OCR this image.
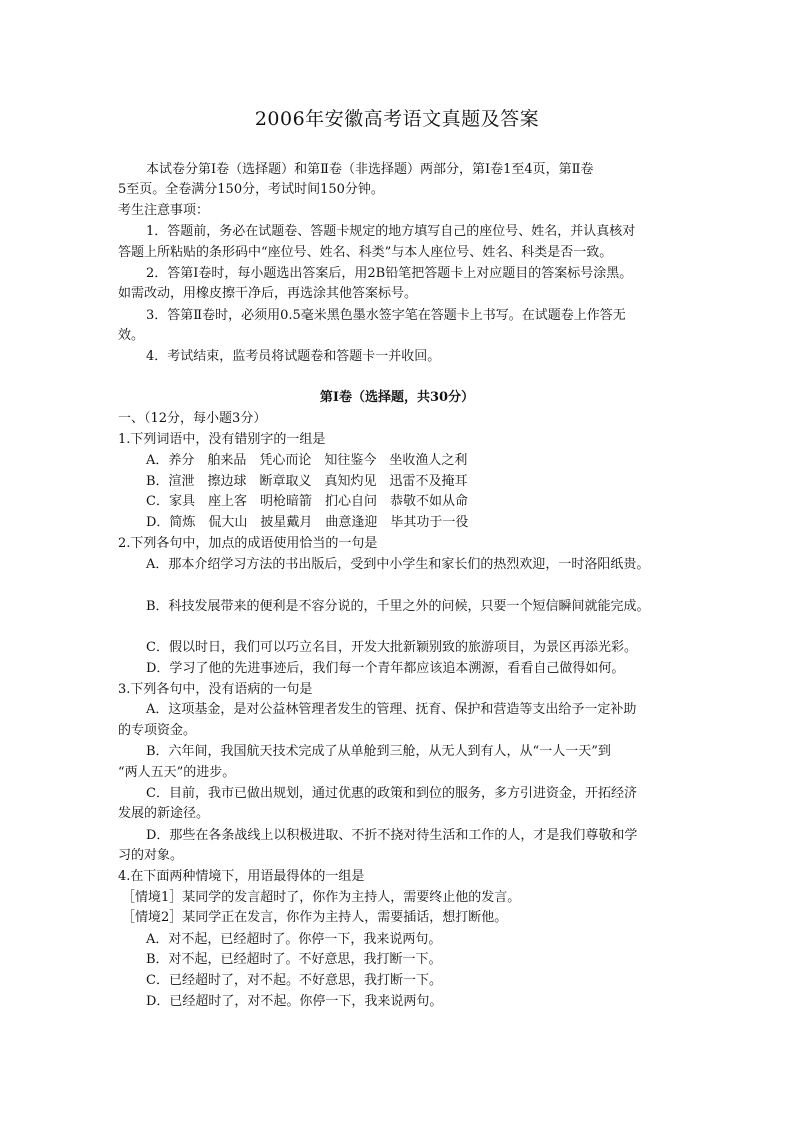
2006年安徽高考语文真题及答案
本试卷分第Ⅰ卷（选择题）和第Ⅱ卷（非选择题）两部分，第Ⅰ卷1至4页，第Ⅱ卷
5至页。全卷满分150分，考试时间150分钟。
考生注意事项：
1．答题前，务必在试题卷、答题卡规定的地方填写自己的座位号、姓名，并认真核对
答题上所粘贴的条形码中“座位号、姓名、科类”与本人座位号、姓名、科类是否一致。
2．答第Ⅰ卷时，每小题选出答案后，用2B铅笔把答题卡上对应题目的答案标号涂黑。
如需改动，用橡皮擦干净后，再选涂其他答案标号。
3．答第Ⅱ卷时，必须用0.5毫米黑色墨水签字笔在答题卡上书写。在试题卷上作答无
效。
4．考试结束，监考员将试题卷和答题卡一并收回。
第Ⅰ卷（选择题，共30分）
一、（12分，每小题3分）
1.下列词语中，没有错别字的一组是
A．养分　舶来品　凭心而论　知往鉴今　坐收渔人之利
B．渲泄　擦边球　断章取义　真知灼见　迅雷不及掩耳
C．家具　座上客　明枪暗箭　扪心自问　恭敬不如从命
D．简炼　侃大山　披星戴月　曲意逢迎　毕其功于一役
2.下列各句中，加点的成语使用恰当的一句是
A．那本介绍学习方法的书出版后，受到中小学生和家长们的热烈欢迎，一时洛阳纸贵。
B．科技发展带来的便利是不容分说的，千里之外的问候，只要一个短信瞬间就能完成。
C．假以时日，我们可以巧立名目，开发大批新颖别致的旅游项目，为景区再添光彩。
D．学习了他的先进事迹后，我们每一个青年都应该追本溯源，看看自己做得如何。
3.下列各句中，没有语病的一句是
A．这项基金，是对公益林管理者发生的管理、抚育、保护和营造等支出给予一定补助
的专项资金。
B．六年间，我国航天技术完成了从单舱到三舱，从无人到有人，从“一人一天”到
“两人五天”的进步。
C．目前，我市已做出规划，通过优惠的政策和到位的服务，多方引进资金，开拓经济
发展的新途径。
D．那些在各条战线上以积极进取、不折不挠对待生活和工作的人，才是我们尊敬和学
习的对象。
4.在下面两种情境下，用语最得体的一组是
［情境1］某同学的发言超时了，你作为主持人，需要终止他的发言。
［情境2］某同学正在发言，你作为主持人，需要插话，想打断他。
A．对不起，已经超时了。你停一下，我来说两句。
B．对不起，已经超时了。不好意思，我打断一下。
C．已经超时了，对不起。不好意思，我打断一下。
D．已经超时了，对不起。你停一下，我来说两句。
